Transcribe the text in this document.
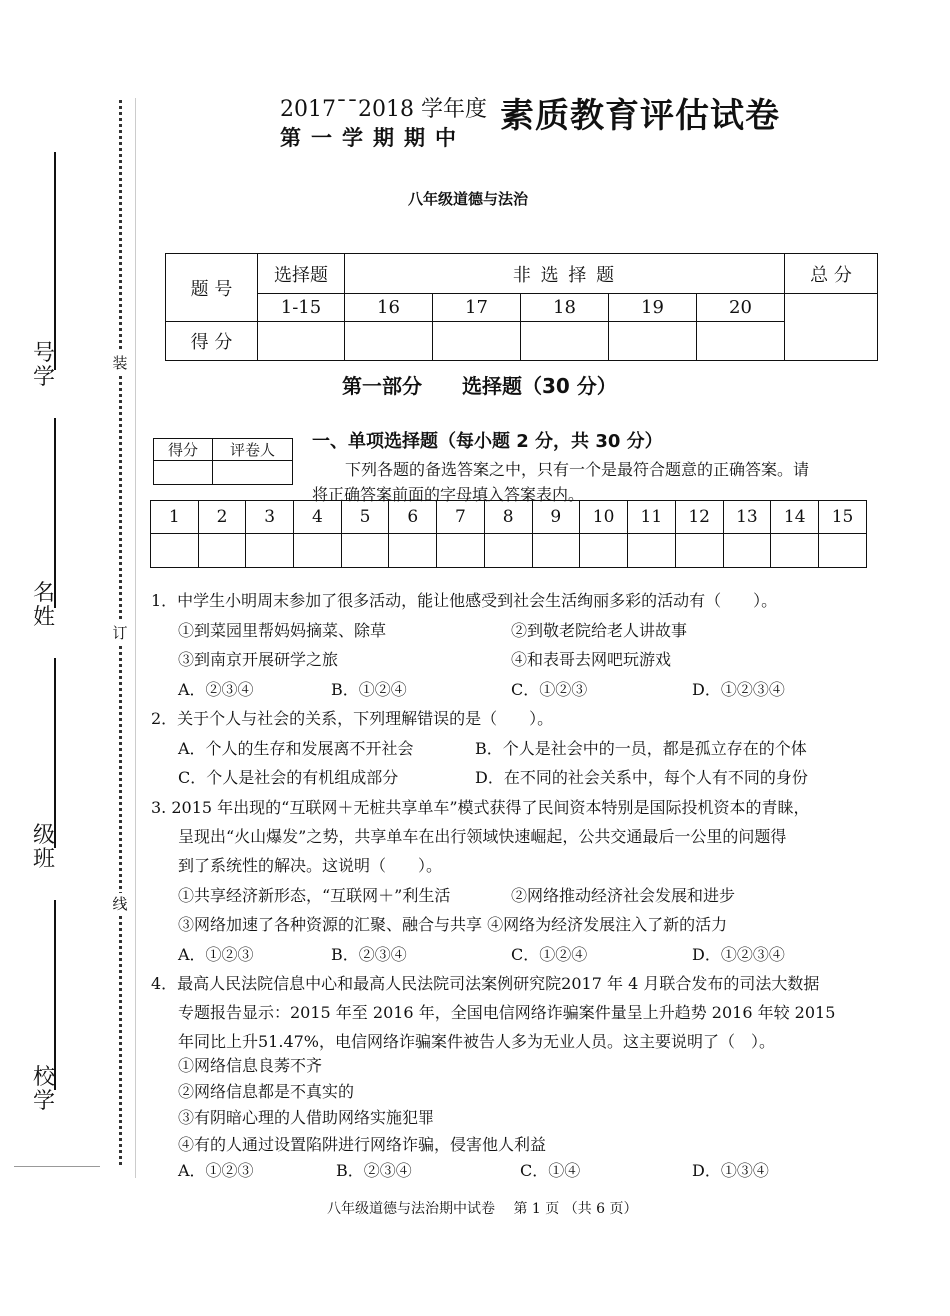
号学
名姓
级班
校学
装
订
线
2017¯¯2018 学年度
第一学期期中
素质教育评估试卷
八年级道德与法治
题 号	选择题	非 选 择 题					总 分
	1-15	16	17	18	19	20	
得 分							
第一部分　　选择题（30 分）
得分	评卷人
	一、单项选择题（每小题 2 分，共 30 分）
下列各题的备选答案之中，只有一个是最符合题意的正确答案。请
将正确答案前面的字母填入答案表内。
1	2	3	4	5	6	7	8	9	10	11	12	13	14	15

1．中学生小明周末参加了很多活动，能让他感受到社会生活绚丽多彩的活动有（　　）。
①到菜园里帮妈妈摘菜、除草	②到敬老院给老人讲故事
③到南京开展研学之旅	④和表哥去网吧玩游戏
A．②③④	B．①②④	C．①②③	D．①②③④
2．关于个人与社会的关系，下列理解错误的是（　　）。
A．个人的生存和发展离不开社会	B．个人是社会中的一员，都是孤立存在的个体
C．个人是社会的有机组成部分	D．在不同的社会关系中，每个人有不同的身份
3. 2015 年出现的“互联网＋无桩共享单车”模式获得了民间资本特别是国际投机资本的青睐，
呈现出“火山爆发”之势，共享单车在出行领域快速崛起，公共交通最后一公里的问题得
到了系统性的解决。这说明（　　）。
①共享经济新形态，“互联网＋”利生活	②网络推动经济社会发展和进步
③网络加速了各种资源的汇聚、融合与共享 ④网络为经济发展注入了新的活力
A．①②③	B．②③④	C．①②④	D．①②③④
4．最高人民法院信息中心和最高人民法院司法案例研究院2017 年 4 月联合发布的司法大数据
专题报告显示：2015 年至 2016 年，全国电信网络诈骗案件量呈上升趋势 2016 年较 2015
年同比上升51.47%，电信网络诈骗案件被告人多为无业人员。这主要说明了（　）。
①网络信息良莠不齐
②网络信息都是不真实的
③有阴暗心理的人借助网络实施犯罪
④有的人通过设置陷阱进行网络诈骗，侵害他人利益
A．①②③	B．②③④	C．①④	D．①③④
八年级道德与法治期中试卷　 第 1 页 （共 6 页）
